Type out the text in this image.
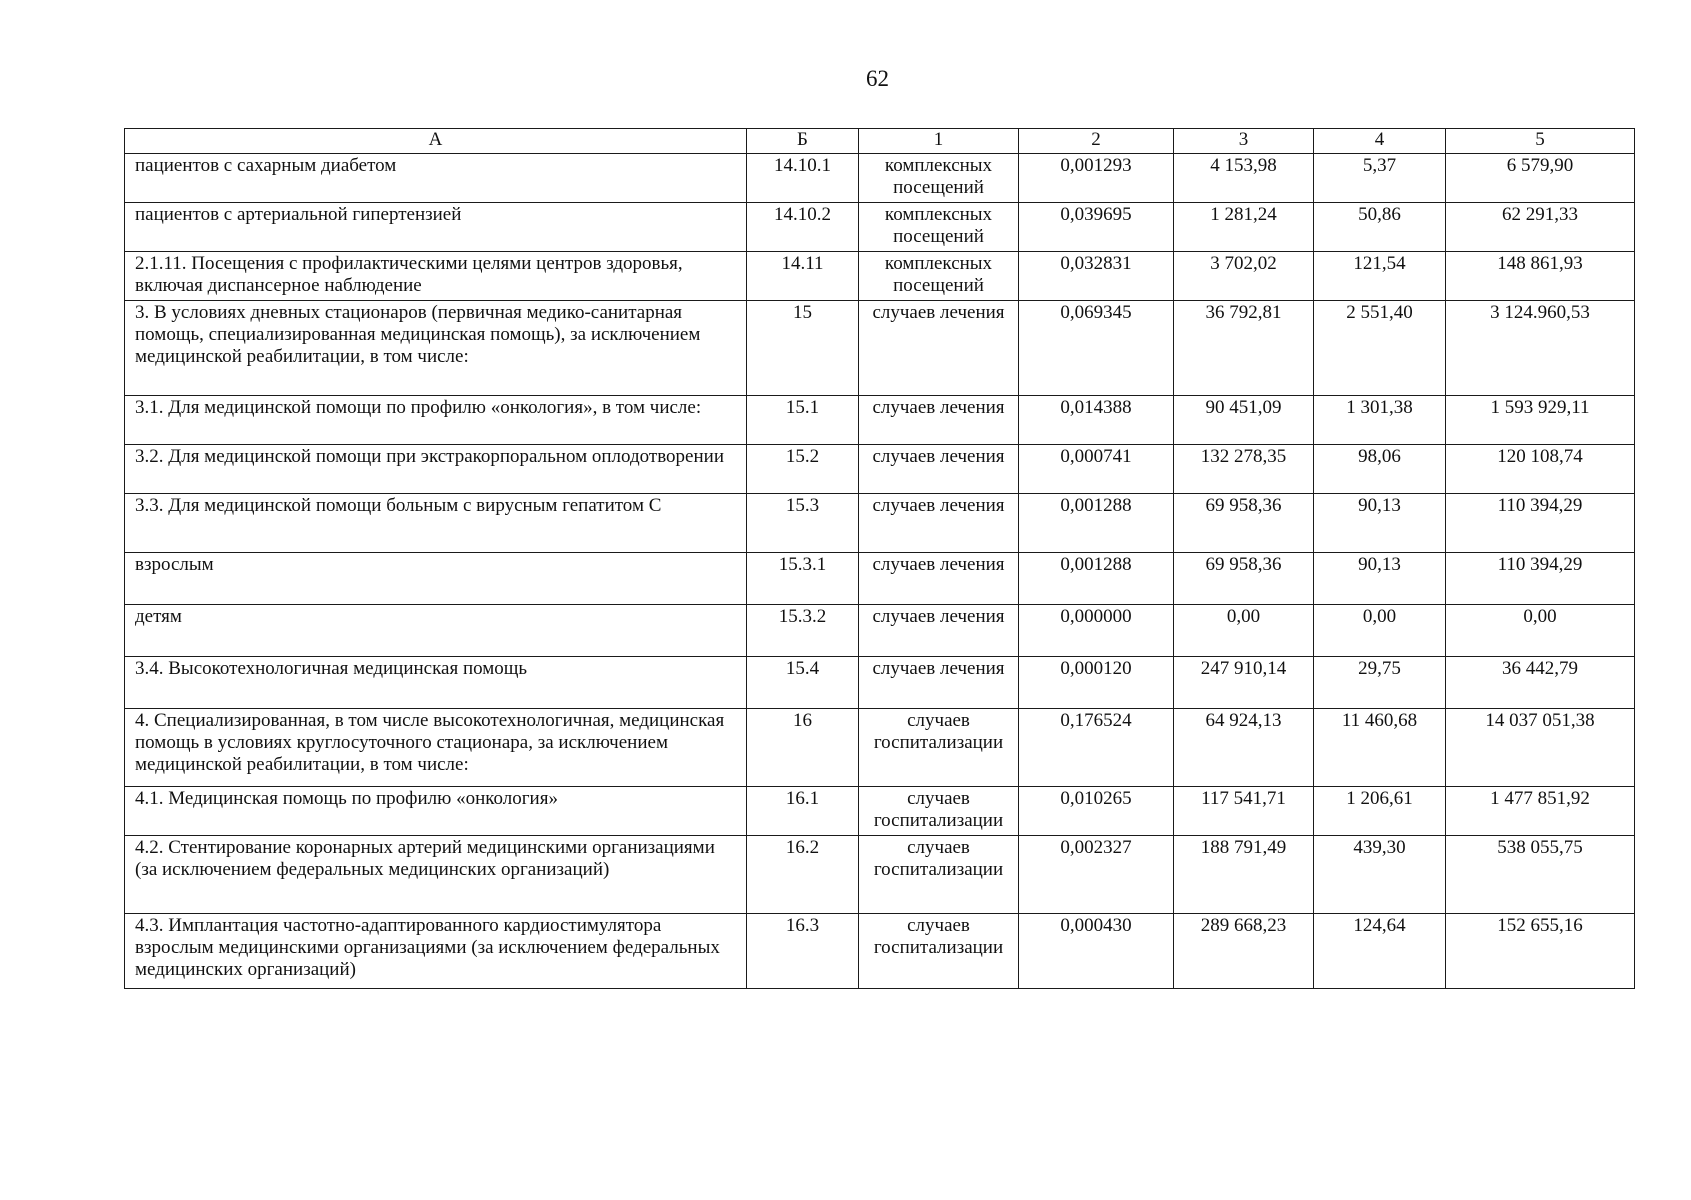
62
А	Б	1	2	3	4	5
пациентов с сахарным диабетом	14.10.1	комплексных посещений	0,001293	4 153,98	5,37	6 579,90
пациентов с артериальной гипертензией	14.10.2	комплексных посещений	0,039695	1 281,24	50,86	62 291,33
2.1.11. Посещения с профилактическими целями центров здоровья, включая диспансерное наблюдение	14.11	комплексных посещений	0,032831	3 702,02	121,54	148 861,93
3. В условиях дневных стационаров (первичная медико-санитарная помощь, специализированная медицинская помощь), за исключением медицинской реабилитации, в том числе:	15	случаев лечения	0,069345	36 792,81	2 551,40	3 124.960,53
3.1. Для медицинской помощи по профилю «онкология», в том числе:	15.1	случаев лечения	0,014388	90 451,09	1 301,38	1 593 929,11
3.2. Для медицинской помощи при экстракорпоральном оплодотворении	15.2	случаев лечения	0,000741	132 278,35	98,06	120 108,74
3.3. Для медицинской помощи больным с вирусным гепатитом С	15.3	случаев лечения	0,001288	69 958,36	90,13	110 394,29
взрослым	15.3.1	случаев лечения	0,001288	69 958,36	90,13	110 394,29
детям	15.3.2	случаев лечения	0,000000	0,00	0,00	0,00
3.4. Высокотехнологичная медицинская помощь	15.4	случаев лечения	0,000120	247 910,14	29,75	36 442,79
4. Специализированная, в том числе высокотехнологичная, медицинская помощь в условиях круглосуточного стационара, за исключением медицинской реабилитации, в том числе:	16	случаев госпитализации	0,176524	64 924,13	11 460,68	14 037 051,38
4.1. Медицинская помощь по профилю «онкология»	16.1	случаев госпитализации	0,010265	117 541,71	1 206,61	1 477 851,92
4.2. Стентирование коронарных артерий медицинскими организациями (за исключением федеральных медицинских организаций)	16.2	случаев госпитализации	0,002327	188 791,49	439,30	538 055,75
4.3. Имплантация частотно-адаптированного кардиостимулятора взрослым медицинскими организациями (за исключением федеральных медицинских организаций)	16.3	случаев госпитализации	0,000430	289 668,23	124,64	152 655,16
